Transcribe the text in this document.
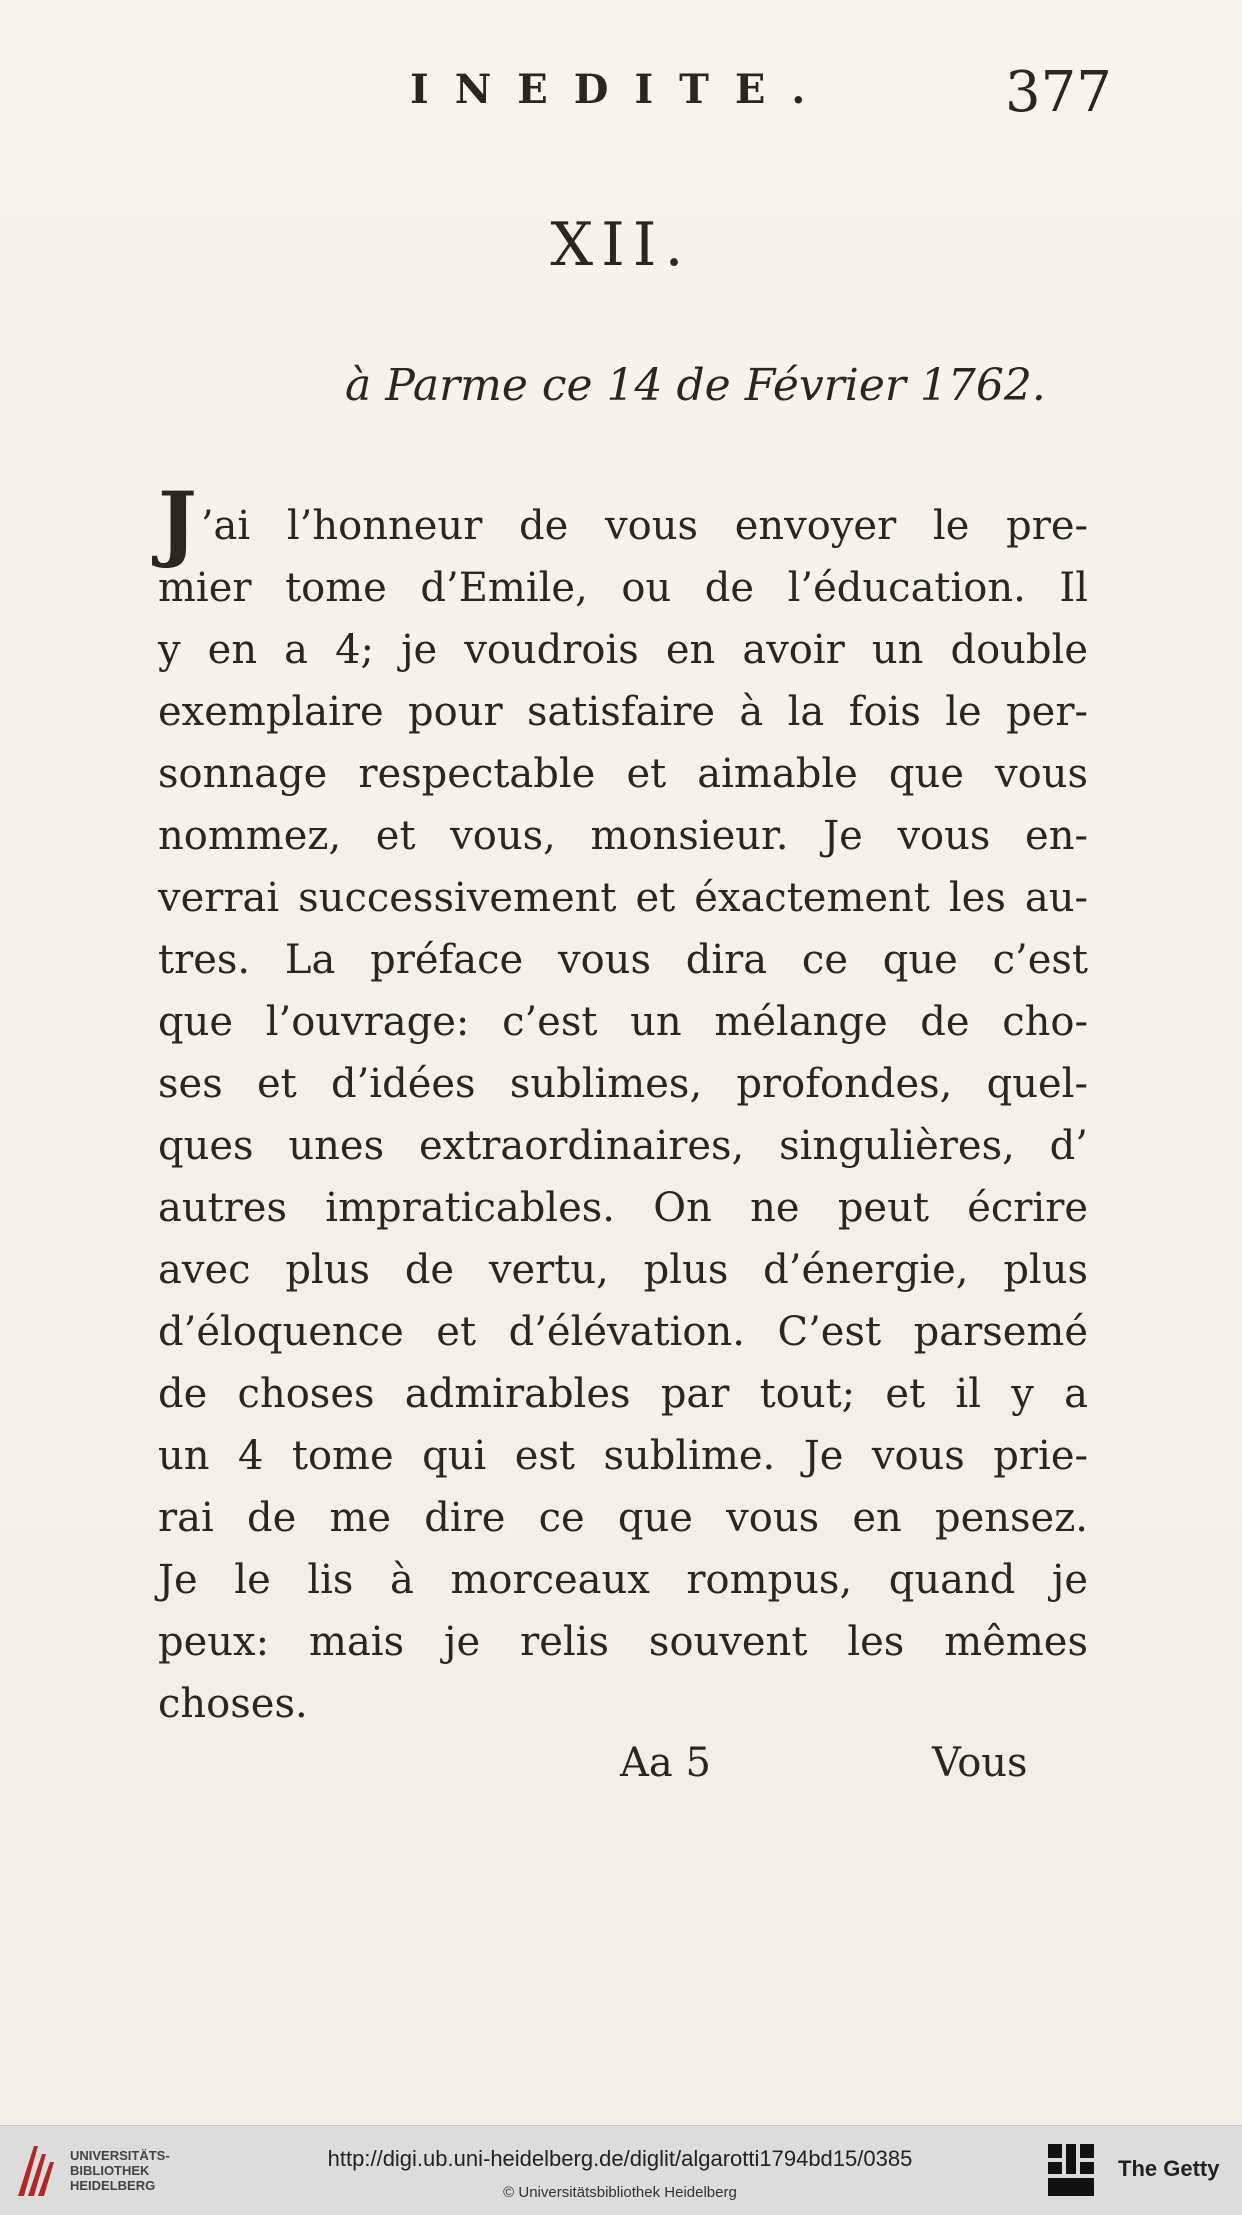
INEDITE.	377
XII.
à Parme ce 14 de Février 1762.
J ’ai l’honneur de vous envoyer le pre-
mier tome d’Emile, ou de l’éducation. Il
y en a 4; je voudrois en avoir un double
exemplaire pour satisfaire à la fois le per-
sonnage respectable et aimable que vous
nommez, et vous, monsieur. Je vous en-
verrai successivement et éxactement les au-
tres. La préface vous dira ce que c’est
que l’ouvrage: c’est un mélange de cho-
ses et d’idées sublimes, profondes, quel-
ques unes extraordinaires, singulières, d’
autres impraticables. On ne peut écrire
avec plus de vertu, plus d’énergie, plus
d’éloquence et d’élévation. C’est parsemé
de choses admirables par tout; et il y a
un 4 tome qui est sublime. Je vous prie-
rai de me dire ce que vous en pensez.
Je le lis à morceaux rompus, quand je
peux: mais je relis souvent les mêmes
choses.
Aa 5	Vous
UNIVERSITÄTS-
BIBLIOTHEK
HEIDELBERG
http://digi.ub.uni-heidelberg.de/diglit/algarotti1794bd15/0385
© Universitätsbibliothek Heidelberg
The Getty
